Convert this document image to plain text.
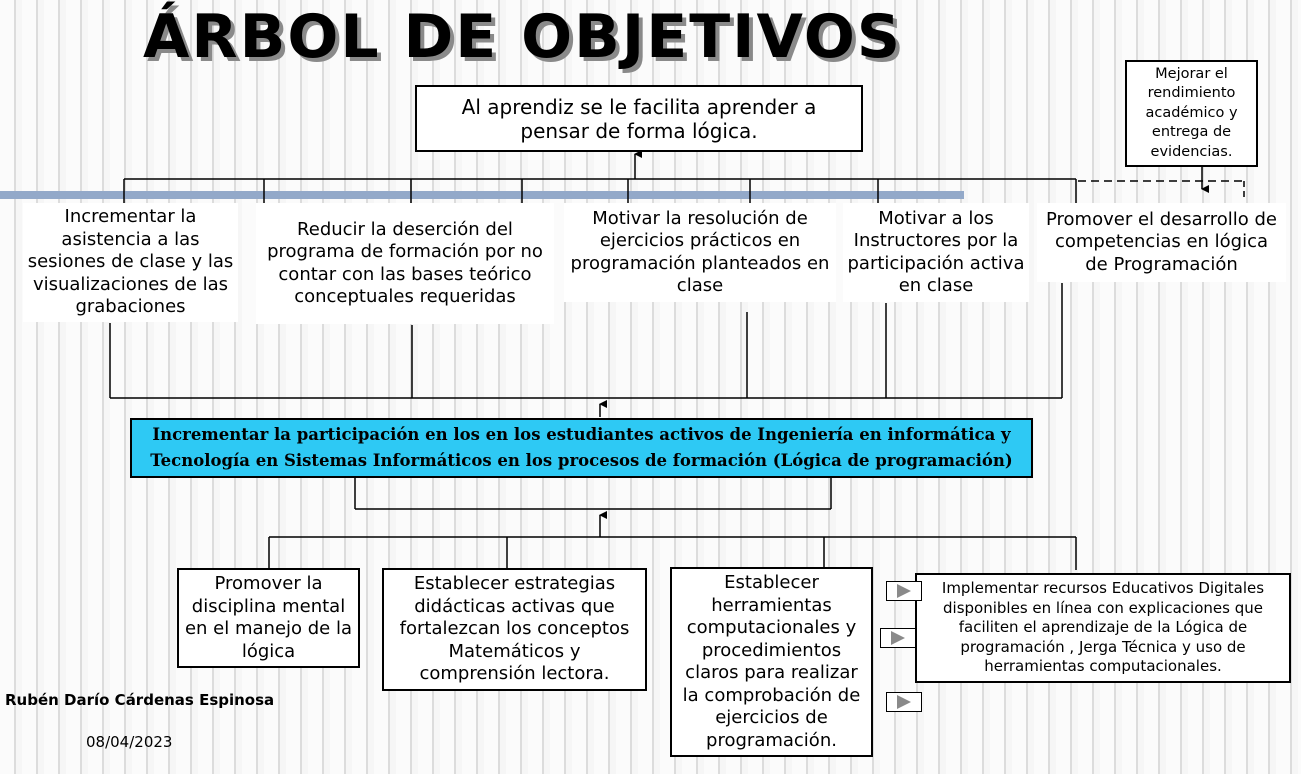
ÁRBOL DE OBJETIVOS
Al aprendiz se le facilita aprender a pensar de forma lógica.
Mejorar el rendimiento académico y entrega de evidencias.
Incrementar la asistencia a las sesiones de clase y las visualizaciones de las grabaciones
Reducir la deserción del programa de formación por no contar con las bases teórico conceptuales requeridas
Motivar la resolución de ejercicios prácticos en programación planteados en clase
Motivar a los Instructores por la participación activa en clase
Promover el desarrollo de competencias en lógica de Programación
Incrementar la participación en los en los estudiantes activos de Ingeniería en informática y Tecnología en Sistemas Informáticos en los procesos de formación (Lógica de programación)
Promover la disciplina mental en el manejo de la lógica
Establecer estrategias didácticas activas que fortalezcan los conceptos Matemáticos y comprensión lectora.
Establecer herramientas computacionales y procedimientos claros para realizar la comprobación de ejercicios de programación.
Implementar recursos Educativos Digitales disponibles en línea con explicaciones que faciliten el aprendizaje de la Lógica de programación , Jerga Técnica y uso de herramientas computacionales.
Rubén Darío Cárdenas Espinosa
08/04/2023
